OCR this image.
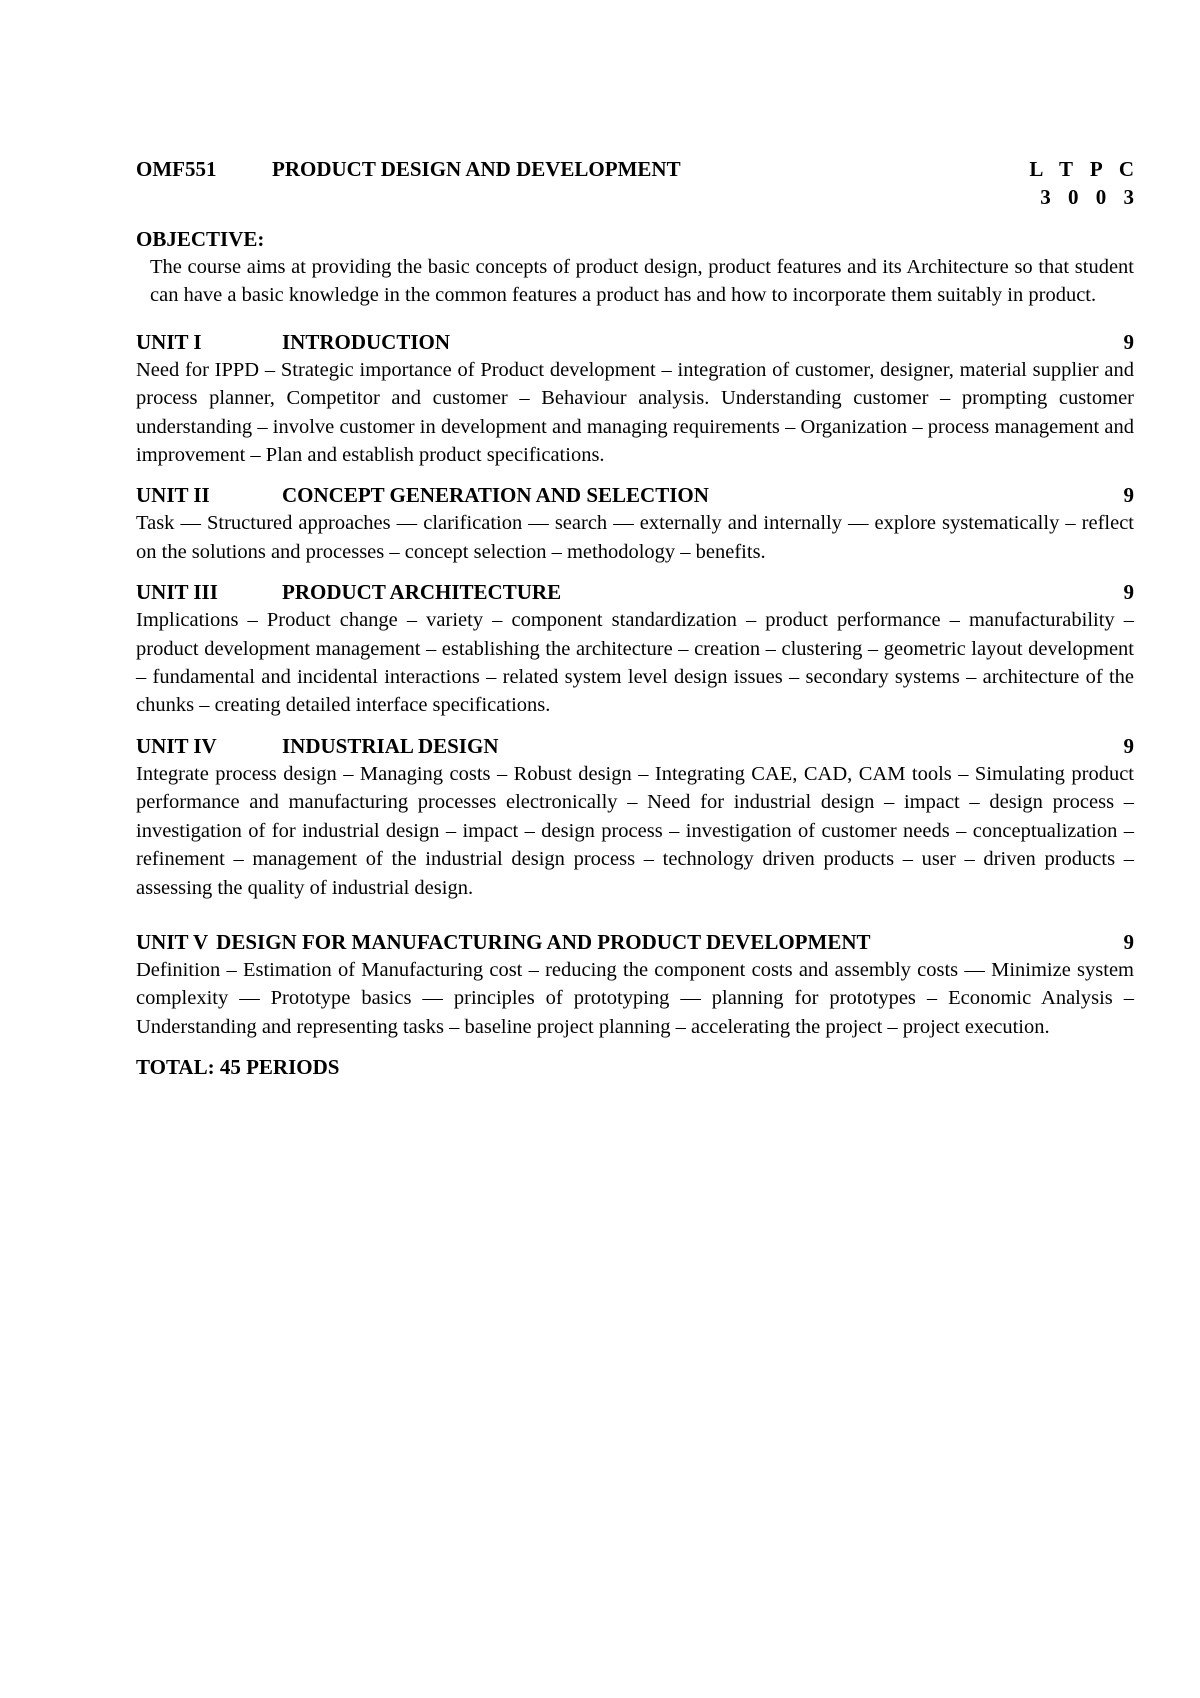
OMF551	PRODUCT DESIGN AND DEVELOPMENT	L T P C
3 0 0 3
OBJECTIVE:

The course aims at providing the basic concepts of product design, product features and its Architecture so that student can have a basic knowledge in the common features a product has and how to incorporate them suitably in product.

UNIT I	INTRODUCTION	9

Need for IPPD – Strategic importance of Product development – integration of customer, designer, material supplier and process planner, Competitor and customer – Behaviour analysis. Understanding customer – prompting customer understanding – involve customer in development and managing requirements – Organization – process management and improvement – Plan and establish product specifications.

UNIT II	CONCEPT GENERATION AND SELECTION	9

Task — Structured approaches — clarification — search — externally and internally — explore systematically – reflect on the solutions and processes – concept selection – methodology – benefits.

UNIT III	PRODUCT ARCHITECTURE	9

Implications – Product change – variety – component standardization – product performance – manufacturability – product development management – establishing the architecture – creation – clustering – geometric layout development – fundamental and incidental interactions – related system level design issues – secondary systems – architecture of the chunks – creating detailed interface specifications.

UNIT IV	INDUSTRIAL DESIGN	9

Integrate process design – Managing costs – Robust design – Integrating CAE, CAD, CAM tools – Simulating product performance and manufacturing processes electronically – Need for industrial design – impact – design process – investigation of for industrial design – impact – design process – investigation of customer needs – conceptualization – refinement – management of the industrial design process – technology driven products – user – driven products – assessing the quality of industrial design.

UNIT V DESIGN FOR MANUFACTURING AND PRODUCT DEVELOPMENT	9

Definition – Estimation of Manufacturing cost – reducing the component costs and assembly costs — Minimize system complexity — Prototype basics — principles of prototyping — planning for prototypes – Economic Analysis – Understanding and representing tasks – baseline project planning – accelerating the project – project execution.

TOTAL: 45 PERIODS
